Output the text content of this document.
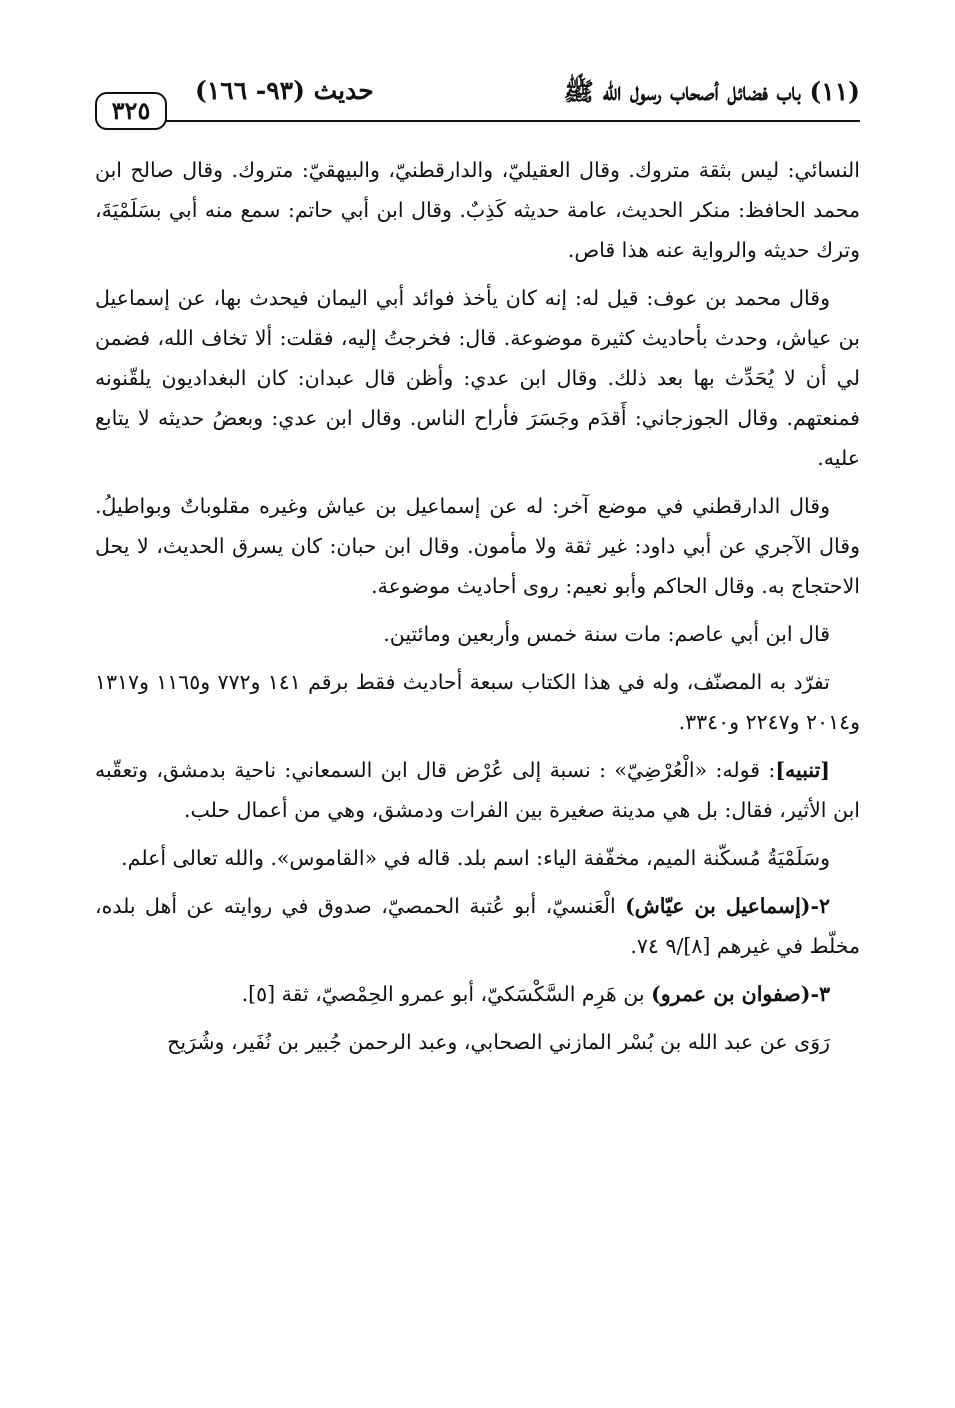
(١١) باب فضائل أصحاب رسول الله ﷺ
حديث (٩٣- ١٦٦)
٣٢٥

النسائي: ليس بثقة متروك. وقال العقيليّ، والدارقطنيّ، والبيهقيّ: متروك. وقال صالح ابن محمد الحافظ: منكر الحديث، عامة حديثه كَذِبٌ. وقال ابن أبي حاتم: سمع منه أبي بسَلَمْيَةَ، وترك حديثه والرواية عنه هذا قاص.

وقال محمد بن عوف: قيل له: إنه كان يأخذ فوائد أبي اليمان فيحدث بها، عن إسماعيل بن عياش، وحدث بأحاديث كثيرة موضوعة. قال: فخرجتُ إليه، فقلت: ألا تخاف الله، فضمن لي أن لا يُحَدِّث بها بعد ذلك. وقال ابن عدي: وأظن قال عبدان: كان البغداديون يلقّنونه فمنعتهم. وقال الجوزجاني: أَقدَم وجَسَرَ فأراح الناس. وقال ابن عدي: وبعضُ حديثه لا يتابع عليه.

وقال الدارقطني في موضع آخر: له عن إسماعيل بن عياش وغيره مقلوباتٌ وبواطيلُ. وقال الآجري عن أبي داود: غير ثقة ولا مأمون. وقال ابن حبان: كان يسرق الحديث، لا يحل الاحتجاج به. وقال الحاكم وأبو نعيم: روى أحاديث موضوعة.

قال ابن أبي عاصم: مات سنة خمس وأربعين ومائتين.

تفرّد به المصنّف، وله في هذا الكتاب سبعة أحاديث فقط برقم ١٤١ و٧٧٢ و١١٦٥ و١٣١٧ و٢٠١٤ و٢٢٤٧ و٣٣٤٠.

[تنبيه]: قوله: «الْعُرْضِيّ» : نسبة إلى عُرْض قال ابن السمعاني: ناحية بدمشق، وتعقّبه ابن الأثير، فقال: بل هي مدينة صغيرة بين الفرات ودمشق، وهي من أعمال حلب.

وسَلَمْيَةُ مُسكّنة الميم، مخفّفة الياء: اسم بلد. قاله في «القاموس». والله تعالى أعلم.

٢-(إسماعيل بن عيّاش) الْعَنسيّ، أبو عُتبة الحمصيّ، صدوق في روايته عن أهل بلده، مخلّط في غيرهم [٨]/٩ ٧٤.

٣-(صفوان بن عمرو) بن هَرِم السَّكْسَكيّ، أبو عمرو الحِمْصيّ، ثقة [٥].

رَوَى عن عبد الله بن بُسْر المازني الصحابي، وعبد الرحمن جُبير بن نُفَير، وشُرَيح
